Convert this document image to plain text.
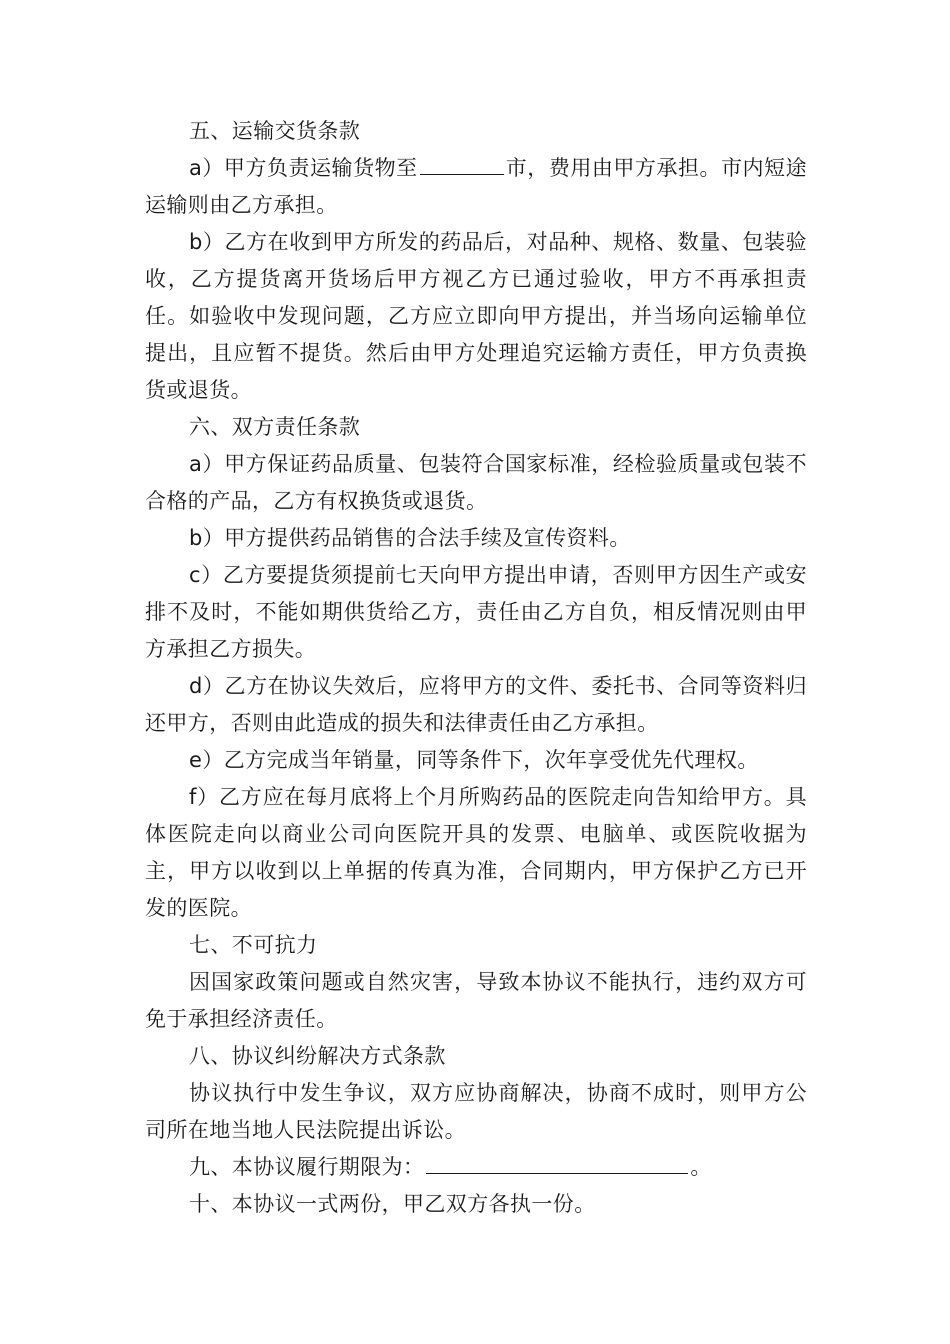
五、运输交货条款

a）甲方负责运输货物至	市，费用由甲方承担。市内短途运输则由乙方承担。

b）乙方在收到甲方所发的药品后，对品种、规格、数量、包装验收，乙方提货离开货场后甲方视乙方已通过验收，甲方不再承担责任。如验收中发现问题，乙方应立即向甲方提出，并当场向运输单位提出，且应暂不提货。然后由甲方处理追究运输方责任，甲方负责换货或退货。

六、双方责任条款

a）甲方保证药品质量、包装符合国家标准，经检验质量或包装不合格的产品，乙方有权换货或退货。

b）甲方提供药品销售的合法手续及宣传资料。

c）乙方要提货须提前七天向甲方提出申请，否则甲方因生产或安排不及时，不能如期供货给乙方，责任由乙方自负，相反情况则由甲方承担乙方损失。

d）乙方在协议失效后，应将甲方的文件、委托书、合同等资料归还甲方，否则由此造成的损失和法律责任由乙方承担。

e）乙方完成当年销量，同等条件下，次年享受优先代理权。

f）乙方应在每月底将上个月所购药品的医院走向告知给甲方。具体医院走向以商业公司向医院开具的发票、电脑单、或医院收据为主，甲方以收到以上单据的传真为准，合同期内，甲方保护乙方已开发的医院。

七、不可抗力

因国家政策问题或自然灾害，导致本协议不能执行，违约双方可免于承担经济责任。

八、协议纠纷解决方式条款

协议执行中发生争议，双方应协商解决，协商不成时，则甲方公司所在地当地人民法院提出诉讼。

九、本协议履行期限为：	。

十、本协议一式两份，甲乙双方各执一份。
